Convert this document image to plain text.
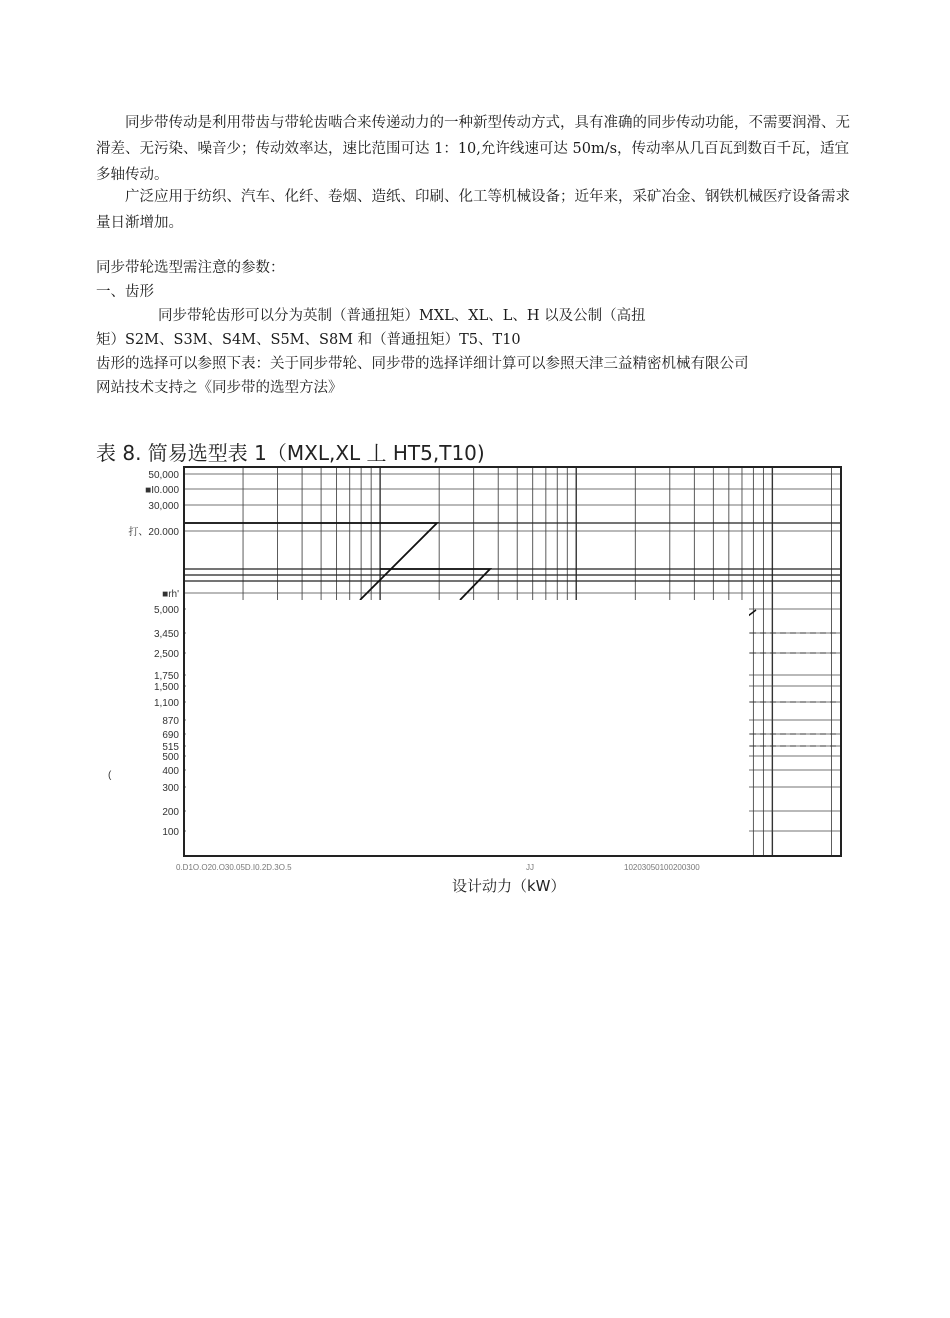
同步带传动是利用带齿与带轮齿啮合来传递动力的一种新型传动方式，具有准确的同步传动功能，不需要润滑、无滑差、无污染、噪音少；传动效率达，速比范围可达 1：10,允许线速可达 50m/s，传动率从几百瓦到数百千瓦，适宜多轴传动。

广泛应用于纺织、汽车、化纤、卷烟、造纸、印刷、化工等机械设备；近年来，采矿冶金、钢铁机械医疗设备需求量日渐增加。

同步带轮选型需注意的参数：
一、齿形
同步带轮齿形可以分为英制（普通扭矩）MXL、XL、L、H 以及公制（高扭
矩）S2M、S3M、S4M、S5M、S8M 和（普通扭矩）T5、T10
齿形的选择可以参照下表：关于同步带轮、同步带的选择详细计算可以参照天津三益精密机械有限公司
网站技术支持之《同步带的选型方法》
表 8. 简易选型表 1（MXL,XL 丄 HT5,T10)
50,000
■I0.000
30,000
打、20.000
■rh'
5,000
3,450
2,500
1,750
1,500
1,100
870
690
515
500
400
300
200
100
0.D1O.O20.O30.05D.I0.2D.3O.5	JJ	10203050100200300
(
设计动力（kW）
